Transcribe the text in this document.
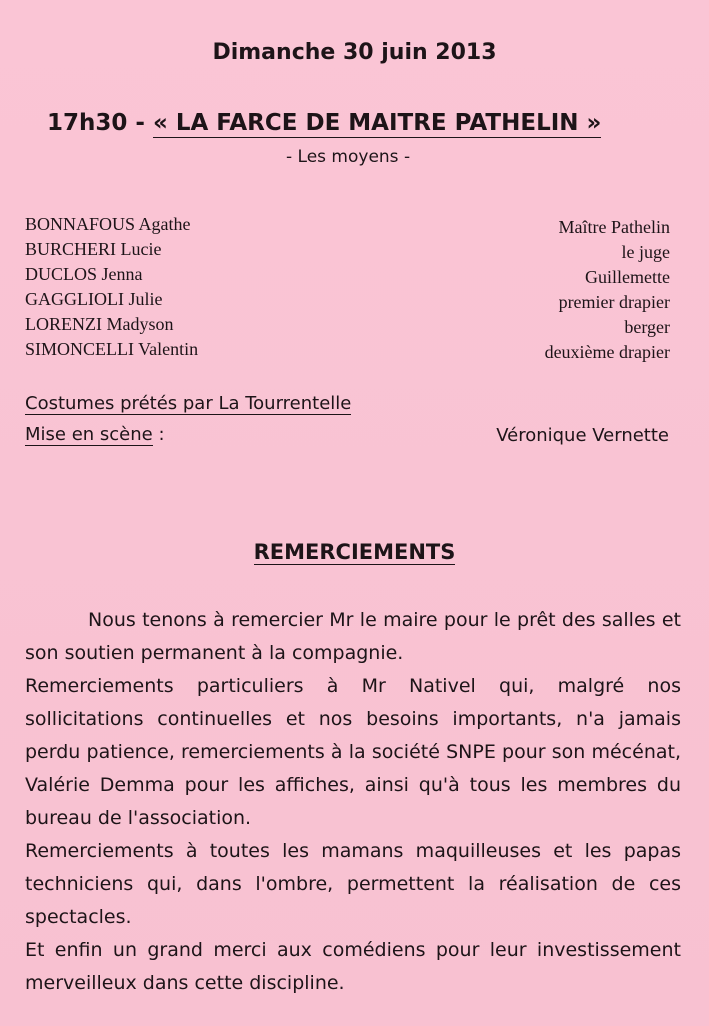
Dimanche 30 juin 2013
17h30 - « LA FARCE DE MAITRE PATHELIN »
- Les moyens -
BONNAFOUS Agathe
BURCHERI Lucie
DUCLOS Jenna
GAGGLIOLI Julie
LORENZI Madyson
SIMONCELLI Valentin
Maître Pathelin
le juge
Guillemette
premier drapier
berger
deuxième drapier
Costumes prétés par La Tourrentelle
Mise en scène :	Véronique Vernette
REMERCIEMENTS

Nous tenons à remercier Mr le maire pour le prêt des salles et son soutien permanent à la compagnie.

Remerciements particuliers à Mr Nativel qui, malgré nos sollicitations continuelles et nos besoins importants, n'a jamais perdu patience, remerciements à la société SNPE pour son mécénat, Valérie Demma pour les affiches, ainsi qu'à tous les membres du bureau de l'association.

Remerciements à toutes les mamans maquilleuses et les papas techniciens qui, dans l'ombre, permettent la réalisation de ces spectacles.

Et enfin un grand merci aux comédiens pour leur investissement merveilleux dans cette discipline.
